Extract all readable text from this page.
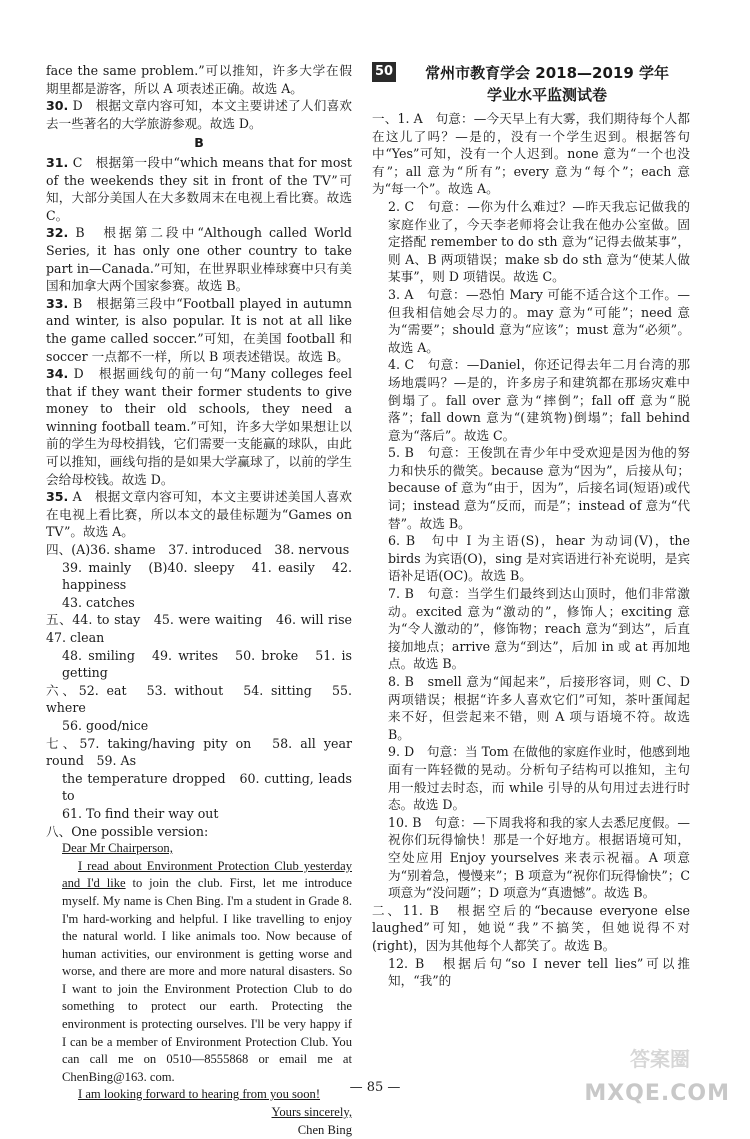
face the same problem.”可以推知，许多大学在假期里都是游客，所以 A 项表述正确。故选 A。

30. D　根据文章内容可知，本文主要讲述了人们喜欢去一些著名的大学旅游参观。故选 D。

B

31. C　根据第一段中“which means that for most of the weekends they sit in front of the TV”可知，大部分美国人在大多数周末在电视上看比赛。故选 C。

32. B　根据第二段中“Although called World Series, it has only one other country to take part in—Canada.”可知，在世界职业棒球赛中只有美国和加拿大两个国家参赛。故选 B。

33. B　根据第三段中“Football played in autumn and winter, is also popular. It is not at all like the game called soccer.”可知，在美国 football 和 soccer 一点都不一样，所以 B 项表述错误。故选 B。

34. D　根据画线句的前一句“Many colleges feel that if they want their former students to give money to their old schools, they need a winning football team.”可知，许多大学如果想让以前的学生为母校捐钱，它们需要一支能赢的球队，由此可以推知，画线句指的是如果大学赢球了，以前的学生会给母校钱。故选 D。

35. A　根据文章内容可知，本文主要讲述美国人喜欢在电视上看比赛，所以本文的最佳标题为“Games on TV”。故选 A。

四、(A)36. shame　37. introduced　38. nervous

39. mainly　(B)40. sleepy　41. easily　42. happiness

43. catches

五、44. to stay　45. were waiting　46. will rise　47. clean

48. smiling　49. writes　50. broke　51. is getting

六、52. eat　53. without　54. sitting　55. where

56. good/nice

七、57. taking/having pity on　58. all year round　59. As

the temperature dropped　60. cutting, leads to

61. To find their way out

八、One possible version:

Dear Mr Chairperson,

I read about Environment Protection Club yesterday and I'd like to join the club. First, let me introduce myself. My name is Chen Bing. I'm a student in Grade 8. I'm hard-working and helpful. I like travelling to enjoy the natural world. I like animals too. Now because of human activities, our environment is getting worse and worse, and there are more and more natural disasters. So I want to join the Environment Protection Club to do something to protect our earth. Protecting the environment is protecting ourselves. I'll be very happy if I can be a member of Environment Protection Club. You can call me on 0510—8555868 or email me at ChenBing@163. com.

I am looking forward to hearing from you soon!

Yours sincerely,

Chen Bing

50	常州市教育学会 2018—2019 学年
学业水平监测试卷

一、1. A　句意：—今天早上有大雾，我们期待每个人都在这儿了吗？—是的，没有一个学生迟到。根据答句中“Yes”可知，没有一个人迟到。none 意为“一个也没有”；all 意为“所有”；every 意为“每个”；each 意为“每一个”。故选 A。

2. C　句意：—你为什么难过？—昨天我忘记做我的家庭作业了，今天李老师将会让我在他办公室做。固定搭配 remember to do sth 意为“记得去做某事”，则 A、B 两项错误；make sb do sth 意为“使某人做某事”，则 D 项错误。故选 C。

3. A　句意：—恐怕 Mary 可能不适合这个工作。—但我相信她会尽力的。may 意为“可能”；need 意为“需要”；should 意为“应该”；must 意为“必须”。故选 A。

4. C　句意：—Daniel，你还记得去年二月台湾的那场地震吗？—是的，许多房子和建筑都在那场灾难中倒塌了。fall over 意为“摔倒”；fall off 意为“脱落”；fall down 意为“(建筑物)倒塌”；fall behind 意为“落后”。故选 C。

5. B　句意：王俊凯在青少年中受欢迎是因为他的努力和快乐的微笑。because 意为“因为”，后接从句；because of 意为“由于，因为”，后接名词(短语)或代词；instead 意为“反而，而是”；instead of 意为“代替”。故选 B。

6. B　句中 I 为主语(S)，hear 为动词(V)，the birds 为宾语(O)，sing 是对宾语进行补充说明，是宾语补足语(OC)。故选 B。

7. B　句意：当学生们最终到达山顶时，他们非常激动。excited 意为“激动的”，修饰人；exciting 意为“令人激动的”，修饰物；reach 意为“到达”，后直接加地点；arrive 意为“到达”，后加 in 或 at 再加地点。故选 B。

8. B　smell 意为“闻起来”，后接形容词，则 C、D 两项错误；根据“许多人喜欢它们”可知，茶叶蛋闻起来不好，但尝起来不错，则 A 项与语境不符。故选 B。

9. D　句意：当 Tom 在做他的家庭作业时，他感到地面有一阵轻微的晃动。分析句子结构可以推知，主句用一般过去时态，而 while 引导的从句用过去进行时态。故选 D。

10. B　句意：—下周我将和我的家人去悉尼度假。—祝你们玩得愉快！那是一个好地方。根据语境可知，空处应用 Enjoy yourselves 来表示祝福。A 项意为“别着急，慢慢来”；B 项意为“祝你们玩得愉快”；C 项意为“没问题”；D 项意为“真遗憾”。故选 B。

二、11. B　根据空后的“because everyone else laughed”可知，她说“我”不搞笑，但她说得不对(right)，因为其他每个人都笑了。故选 B。

12. B　根据后句“so I never tell lies”可以推知，“我”的

— 85 —
答案圈
MXQE.COM
